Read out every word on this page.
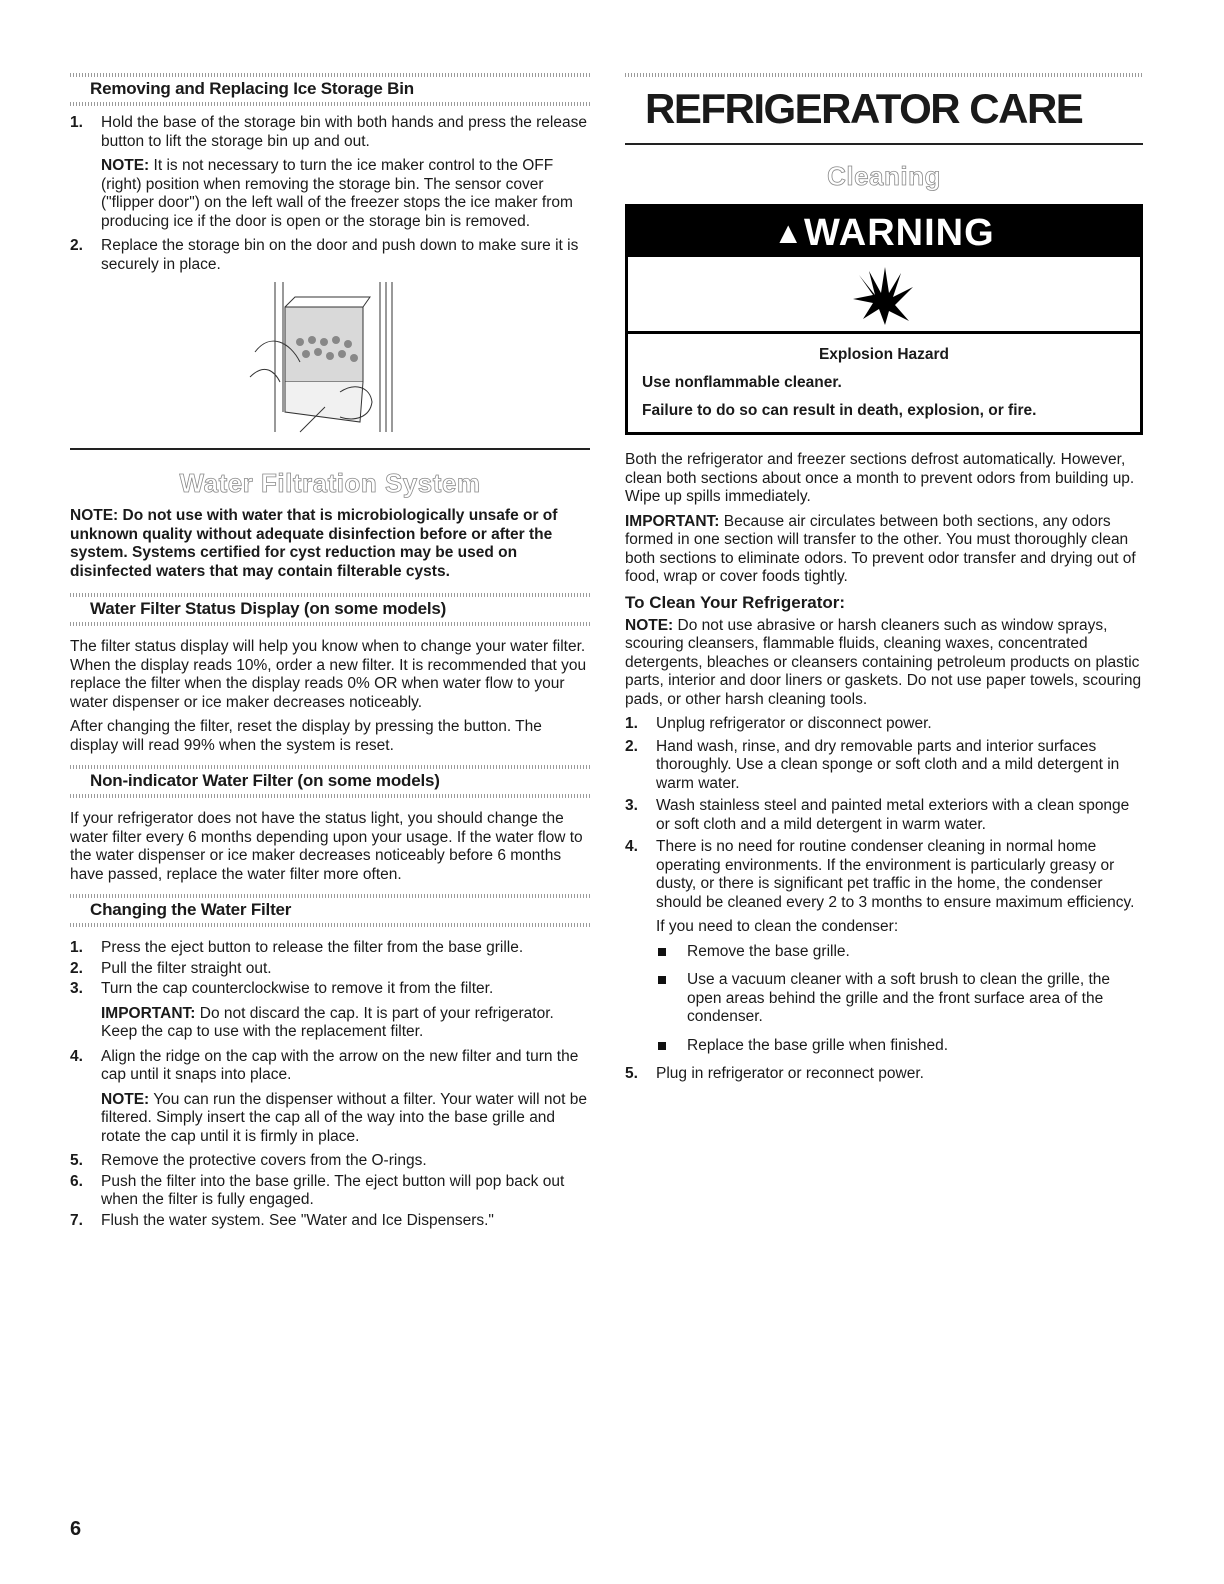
Removing and Replacing Ice Storage Bin
1. Hold the base of the storage bin with both hands and press the release button to lift the storage bin up and out.

NOTE: It is not necessary to turn the ice maker control to the OFF (right) position when removing the storage bin. The sensor cover ("flipper door") on the left wall of the freezer stops the ice maker from producing ice if the door is open or the storage bin is removed.

2. Replace the storage bin on the door and push down to make sure it is securely in place.

Water Filtration System

NOTE: Do not use with water that is microbiologically unsafe or of unknown quality without adequate disinfection before or after the system. Systems certified for cyst reduction may be used on disinfected waters that may contain filterable cysts.

Water Filter Status Display (on some models)

The filter status display will help you know when to change your water filter. When the display reads 10%, order a new filter. It is recommended that you replace the filter when the display reads 0% OR when water flow to your water dispenser or ice maker decreases noticeably.

After changing the filter, reset the display by pressing the button. The display will read 99% when the system is reset.

Non-indicator Water Filter (on some models)

If your refrigerator does not have the status light, you should change the water filter every 6 months depending upon your usage. If the water flow to the water dispenser or ice maker decreases noticeably before 6 months have passed, replace the water filter more often.

Changing the Water Filter
1. Press the eject button to release the filter from the base grille.

2. Pull the filter straight out.

3. Turn the cap counterclockwise to remove it from the filter.

IMPORTANT: Do not discard the cap. It is part of your refrigerator. Keep the cap to use with the replacement filter.

4. Align the ridge on the cap with the arrow on the new filter and turn the cap until it snaps into place.

NOTE: You can run the dispenser without a filter. Your water will not be filtered. Simply insert the cap all of the way into the base grille and rotate the cap until it is firmly in place.

5. Remove the protective covers from the O-rings.

6. Push the filter into the base grille. The eject button will pop back out when the filter is fully engaged.

7. Flush the water system. See "Water and Ice Dispensers."

REFRIGERATOR CARE
Cleaning
▲WARNING

Explosion Hazard

Use nonflammable cleaner.

Failure to do so can result in death, explosion, or fire.

Both the refrigerator and freezer sections defrost automatically. However, clean both sections about once a month to prevent odors from building up. Wipe up spills immediately.

IMPORTANT: Because air circulates between both sections, any odors formed in one section will transfer to the other. You must thoroughly clean both sections to eliminate odors. To prevent odor transfer and drying out of food, wrap or cover foods tightly.

To Clean Your Refrigerator:

NOTE: Do not use abrasive or harsh cleaners such as window sprays, scouring cleansers, flammable fluids, cleaning waxes, concentrated detergents, bleaches or cleansers containing petroleum products on plastic parts, interior and door liners or gaskets. Do not use paper towels, scouring pads, or other harsh cleaning tools.

1. Unplug refrigerator or disconnect power.

2. Hand wash, rinse, and dry removable parts and interior surfaces thoroughly. Use a clean sponge or soft cloth and a mild detergent in warm water.

3. Wash stainless steel and painted metal exteriors with a clean sponge or soft cloth and a mild detergent in warm water.

4. There is no need for routine condenser cleaning in normal home operating environments. If the environment is particularly greasy or dusty, or there is significant pet traffic in the home, the condenser should be cleaned every 2 to 3 months to ensure maximum efficiency.

If you need to clean the condenser:

Remove the base grille.
Use a vacuum cleaner with a soft brush to clean the grille, the open areas behind the grille and the front surface area of the condenser.
Replace the base grille when finished.
5. Plug in refrigerator or reconnect power.

6
